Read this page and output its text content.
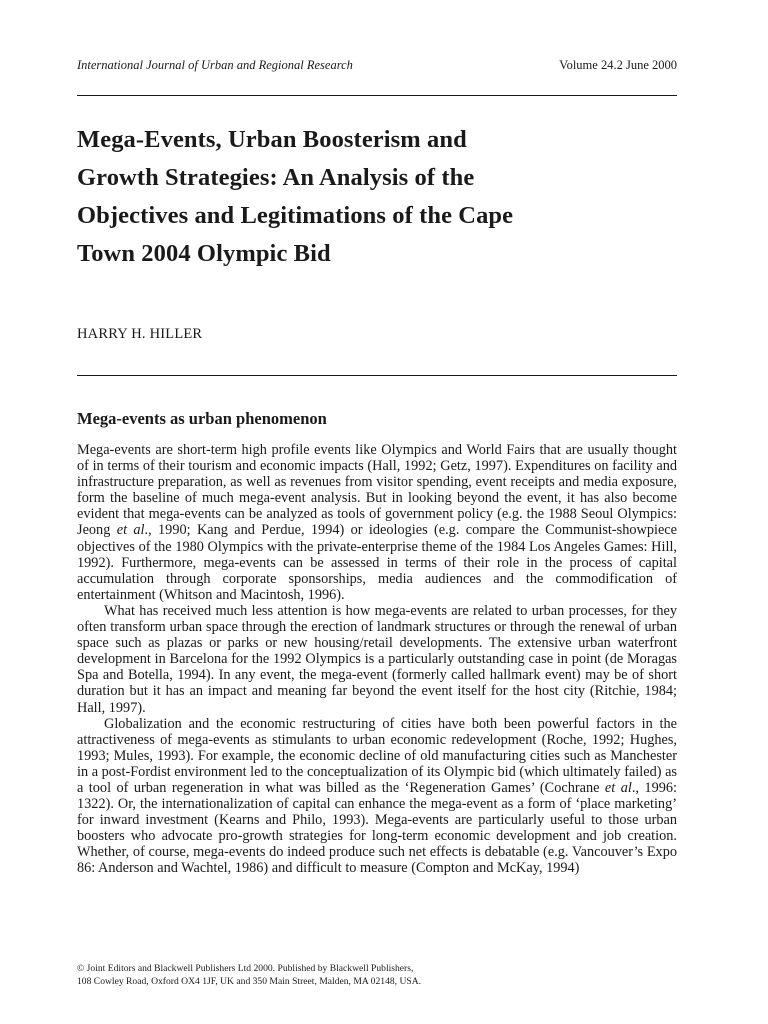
International Journal of Urban and Regional Research	Volume 24.2 June 2000
Mega-Events, Urban Boosterism and
Growth Strategies: An Analysis of the
Objectives and Legitimations of the Cape
Town 2004 Olympic Bid
HARRY H. HILLER
Mega-events as urban phenomenon

Mega-events are short-term high profile events like Olympics and World Fairs that are usually thought of in terms of their tourism and economic impacts (Hall, 1992; Getz, 1997). Expenditures on facility and infrastructure preparation, as well as revenues from visitor spending, event receipts and media exposure, form the baseline of much mega-event analysis. But in looking beyond the event, it has also become evident that mega-events can be analyzed as tools of government policy (e.g. the 1988 Seoul Olympics: Jeong et al., 1990; Kang and Perdue, 1994) or ideologies (e.g. compare the Communist-showpiece objectives of the 1980 Olympics with the private-enterprise theme of the 1984 Los Angeles Games: Hill, 1992). Furthermore, mega-events can be assessed in terms of their role in the process of capital accumulation through corporate sponsorships, media audiences and the commodification of entertainment (Whitson and Macintosh, 1996).

What has received much less attention is how mega-events are related to urban processes, for they often transform urban space through the erection of landmark structures or through the renewal of urban space such as plazas or parks or new housing/retail developments. The extensive urban waterfront development in Barcelona for the 1992 Olympics is a particularly outstanding case in point (de Moragas Spa and Botella, 1994). In any event, the mega-event (formerly called hallmark event) may be of short duration but it has an impact and meaning far beyond the event itself for the host city (Ritchie, 1984; Hall, 1997).

Globalization and the economic restructuring of cities have both been powerful factors in the attractiveness of mega-events as stimulants to urban economic redevelopment (Roche, 1992; Hughes, 1993; Mules, 1993). For example, the economic decline of old manufacturing cities such as Manchester in a post-Fordist environment led to the conceptualization of its Olympic bid (which ultimately failed) as a tool of urban regeneration in what was billed as the ‘Regeneration Games’ (Cochrane et al., 1996: 1322). Or, the internationalization of capital can enhance the mega-event as a form of ‘place marketing’ for inward investment (Kearns and Philo, 1993). Mega-events are particularly useful to those urban boosters who advocate pro-growth strategies for long-term economic development and job creation. Whether, of course, mega-events do indeed produce such net effects is debatable (e.g. Vancouver’s Expo 86: Anderson and Wachtel, 1986) and difficult to measure (Compton and McKay, 1994)

© Joint Editors and Blackwell Publishers Ltd 2000. Published by Blackwell Publishers,
108 Cowley Road, Oxford OX4 1JF, UK and 350 Main Street, Malden, MA 02148, USA.
